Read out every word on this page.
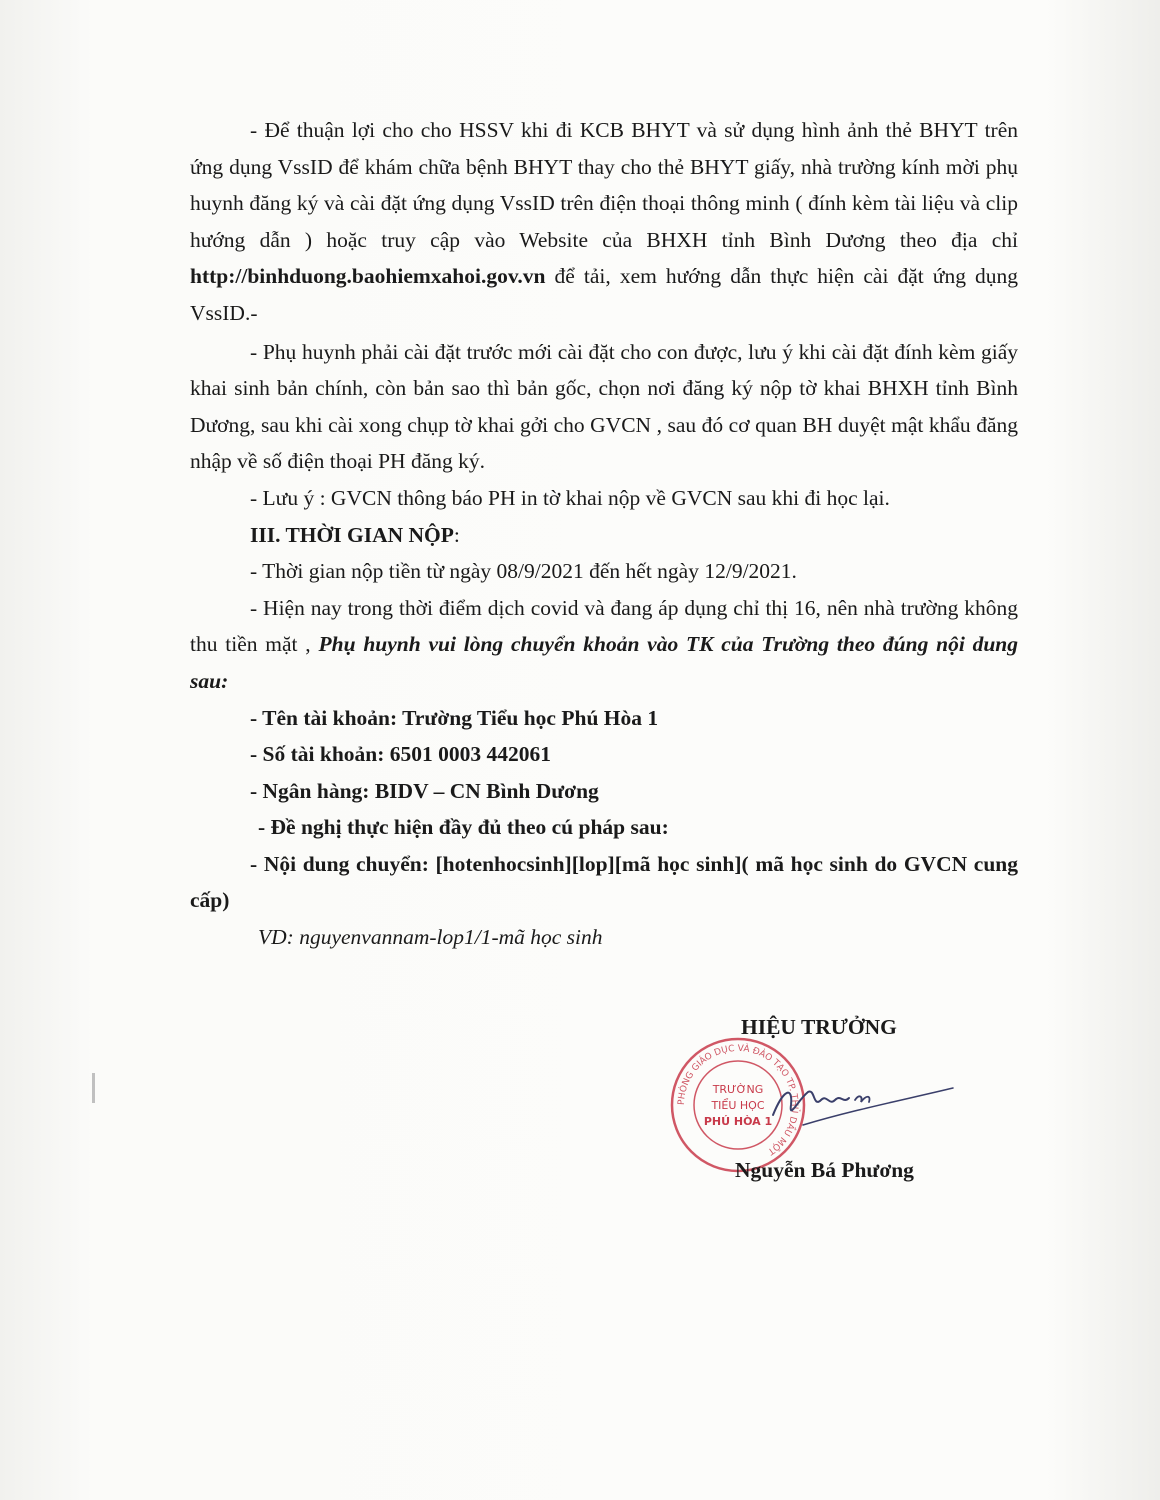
- Để thuận lợi cho cho HSSV khi đi KCB BHYT và sử dụng hình ảnh thẻ BHYT trên ứng dụng VssID để khám chữa bệnh BHYT thay cho thẻ BHYT giấy, nhà trường kính mời phụ huynh đăng ký và cài đặt ứng dụng VssID trên điện thoại thông minh ( đính kèm tài liệu và clip hướng dẫn ) hoặc truy cập vào Website của BHXH tỉnh Bình Dương theo địa chỉ http://binhduong.baohiemxahoi.gov.vn để tải, xem hướng dẫn thực hiện cài đặt ứng dụng VssID.-

- Phụ huynh phải cài đặt trước mới cài đặt cho con được, lưu ý khi cài đặt đính kèm giấy khai sinh bản chính, còn bản sao thì bản gốc, chọn nơi đăng ký nộp tờ khai BHXH tỉnh Bình Dương, sau khi cài xong chụp tờ khai gởi cho GVCN , sau đó cơ quan BH duyệt mật khẩu đăng nhập về số điện thoại PH đăng ký.

- Lưu ý : GVCN thông báo PH in tờ khai nộp về GVCN sau khi đi học lại.

III. THỜI GIAN NỘP:

- Thời gian nộp tiền từ ngày 08/9/2021 đến hết ngày 12/9/2021.

- Hiện nay trong thời điểm dịch covid và đang áp dụng chỉ thị 16, nên nhà trường không thu tiền mặt , Phụ huynh vui lòng chuyển khoản vào TK của Trường theo đúng nội dung sau:

- Tên tài khoản: Trường Tiểu học Phú Hòa 1

- Số tài khoản: 6501 0003 442061

- Ngân hàng: BIDV – CN Bình Dương

- Đề nghị thực hiện đầy đủ theo cú pháp sau:

- Nội dung chuyển: [hotenhocsinh][lop][mã học sinh]( mã học sinh do GVCN cung cấp)

VD: nguyenvannam-lop1/1-mã học sinh

HIỆU TRƯỞNG
PHÒNG GIÁO DỤC VÀ ĐÀO TẠO TP. THỦ DẦU MỘT
TRƯỜNG
TIỂU HỌC
PHÚ HÒA 1
Nguyễn Bá Phương
